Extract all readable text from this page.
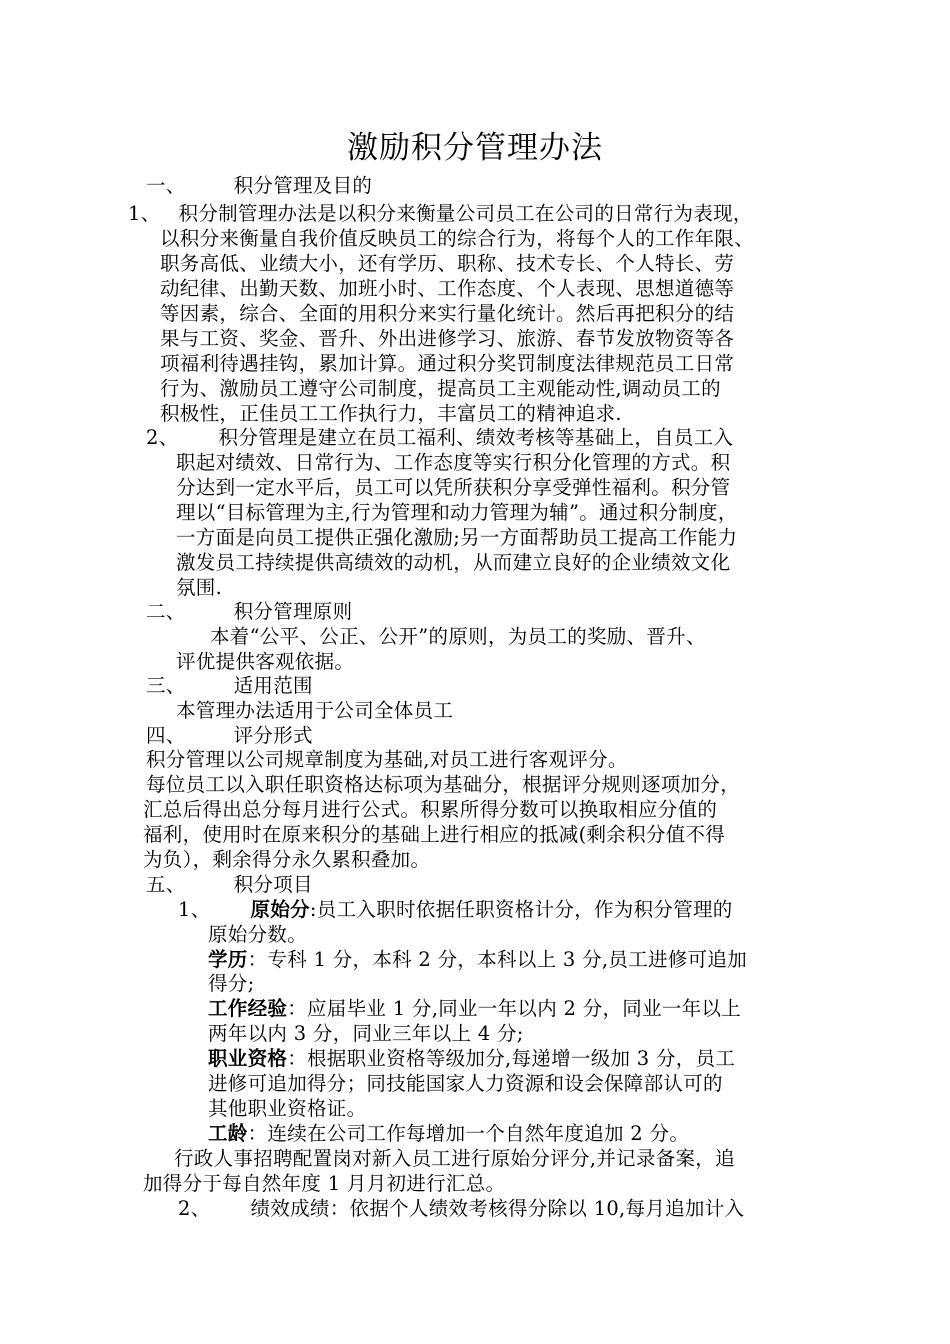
激励积分管理办法
一、 积分管理及目的
1、 积分制管理办法是以积分来衡量公司员工在公司的日常行为表现，
以积分来衡量自我价值反映员工的综合行为，将每个人的工作年限、
职务高低、业绩大小，还有学历、职称、技术专长、个人特长、劳
动纪律、出勤天数、加班小时、工作态度、个人表现、思想道德等
等因素，综合、全面的用积分来实行量化统计。然后再把积分的结
果与工资、奖金、晋升、外出进修学习、旅游、春节发放物资等各
项福利待遇挂钩，累加计算。通过积分奖罚制度法律规范员工日常
行为、激励员工遵守公司制度，提高员工主观能动性,调动员工的
积极性，正佳员工工作执行力，丰富员工的精神追求.
2、 积分管理是建立在员工福利、绩效考核等基础上，自员工入
职起对绩效、日常行为、工作态度等实行积分化管理的方式。积
分达到一定水平后，员工可以凭所获积分享受弹性福利。积分管
理以“目标管理为主,行为管理和动力管理为辅”。通过积分制度，
一方面是向员工提供正强化激励;另一方面帮助员工提高工作能力
激发员工持续提供高绩效的动机，从而建立良好的企业绩效文化
氛围.
二、 积分管理原则
本着“公平、公正、公开”的原则，为员工的奖励、晋升、
评优提供客观依据。
三、 适用范围
本管理办法适用于公司全体员工
四、 评分形式
积分管理以公司规章制度为基础,对员工进行客观评分。
每位员工以入职任职资格达标项为基础分，根据评分规则逐项加分，
汇总后得出总分每月进行公式。积累所得分数可以换取相应分值的
福利，使用时在原来积分的基础上进行相应的抵减(剩余积分值不得
为负），剩余得分永久累积叠加。
五、 积分项目
1、 原始分:员工入职时依据任职资格计分，作为积分管理的
原始分数。
学历：专科 1 分，本科 2 分，本科以上 3 分,员工进修可追加
得分;
工作经验：应届毕业 1 分,同业一年以内 2 分，同业一年以上
两年以内 3 分，同业三年以上 4 分;
职业资格：根据职业资格等级加分,每递增一级加 3 分，员工
进修可追加得分；同技能国家人力资源和设会保障部认可的
其他职业资格证。
工龄：连续在公司工作每增加一个自然年度追加 2 分。
行政人事招聘配置岗对新入员工进行原始分评分,并记录备案，追
加得分于每自然年度 1 月月初进行汇总。
2、 绩效成绩：依据个人绩效考核得分除以 10,每月追加计入
